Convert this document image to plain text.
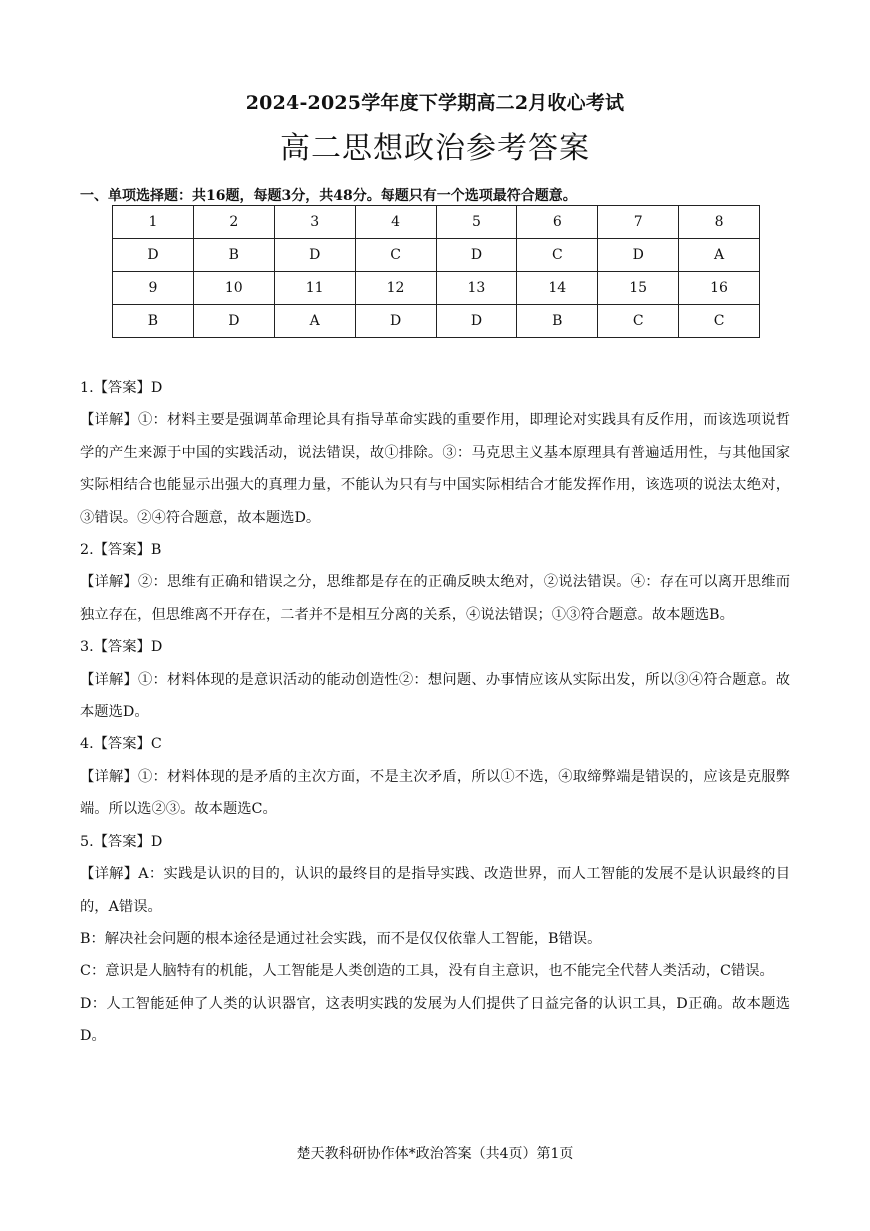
2024-2025学年度下学期高二2月收心考试
高二思想政治参考答案
一、单项选择题：共16题，每题3分，共48分。每题只有一个选项最符合题意。
1	2	3	4	5	6	7	8
D	B	D	C	D	C	D	A
9	10	11	12	13	14	15	16
B	D	A	D	D	B	C	C

1.【答案】D

【详解】①：材料主要是强调革命理论具有指导革命实践的重要作用，即理论对实践具有反作用，而该选项说哲学的产生来源于中国的实践活动，说法错误，故①排除。③：马克思主义基本原理具有普遍适用性，与其他国家实际相结合也能显示出强大的真理力量，不能认为只有与中国实际相结合才能发挥作用，该选项的说法太绝对，③错误。②④符合题意，故本题选D。

2.【答案】B

【详解】②：思维有正确和错误之分，思维都是存在的正确反映太绝对，②说法错误。④：存在可以离开思维而独立存在，但思维离不开存在，二者并不是相互分离的关系，④说法错误；①③符合题意。故本题选B。

3.【答案】D

【详解】①：材料体现的是意识活动的能动创造性②：想问题、办事情应该从实际出发，所以③④符合题意。故本题选D。

4.【答案】C

【详解】①：材料体现的是矛盾的主次方面，不是主次矛盾，所以①不选，④取缔弊端是错误的，应该是克服弊端。所以选②③。故本题选C。

5.【答案】D

【详解】A：实践是认识的目的，认识的最终目的是指导实践、改造世界，而人工智能的发展不是认识最终的目的，A错误。

B：解决社会问题的根本途径是通过社会实践，而不是仅仅依靠人工智能，B错误。

C：意识是人脑特有的机能，人工智能是人类创造的工具，没有自主意识，也不能完全代替人类活动，C错误。

D：人工智能延伸了人类的认识器官，这表明实践的发展为人们提供了日益完备的认识工具，D正确。故本题选D。

楚天教科研协作体*政治答案（共4页）第1页
